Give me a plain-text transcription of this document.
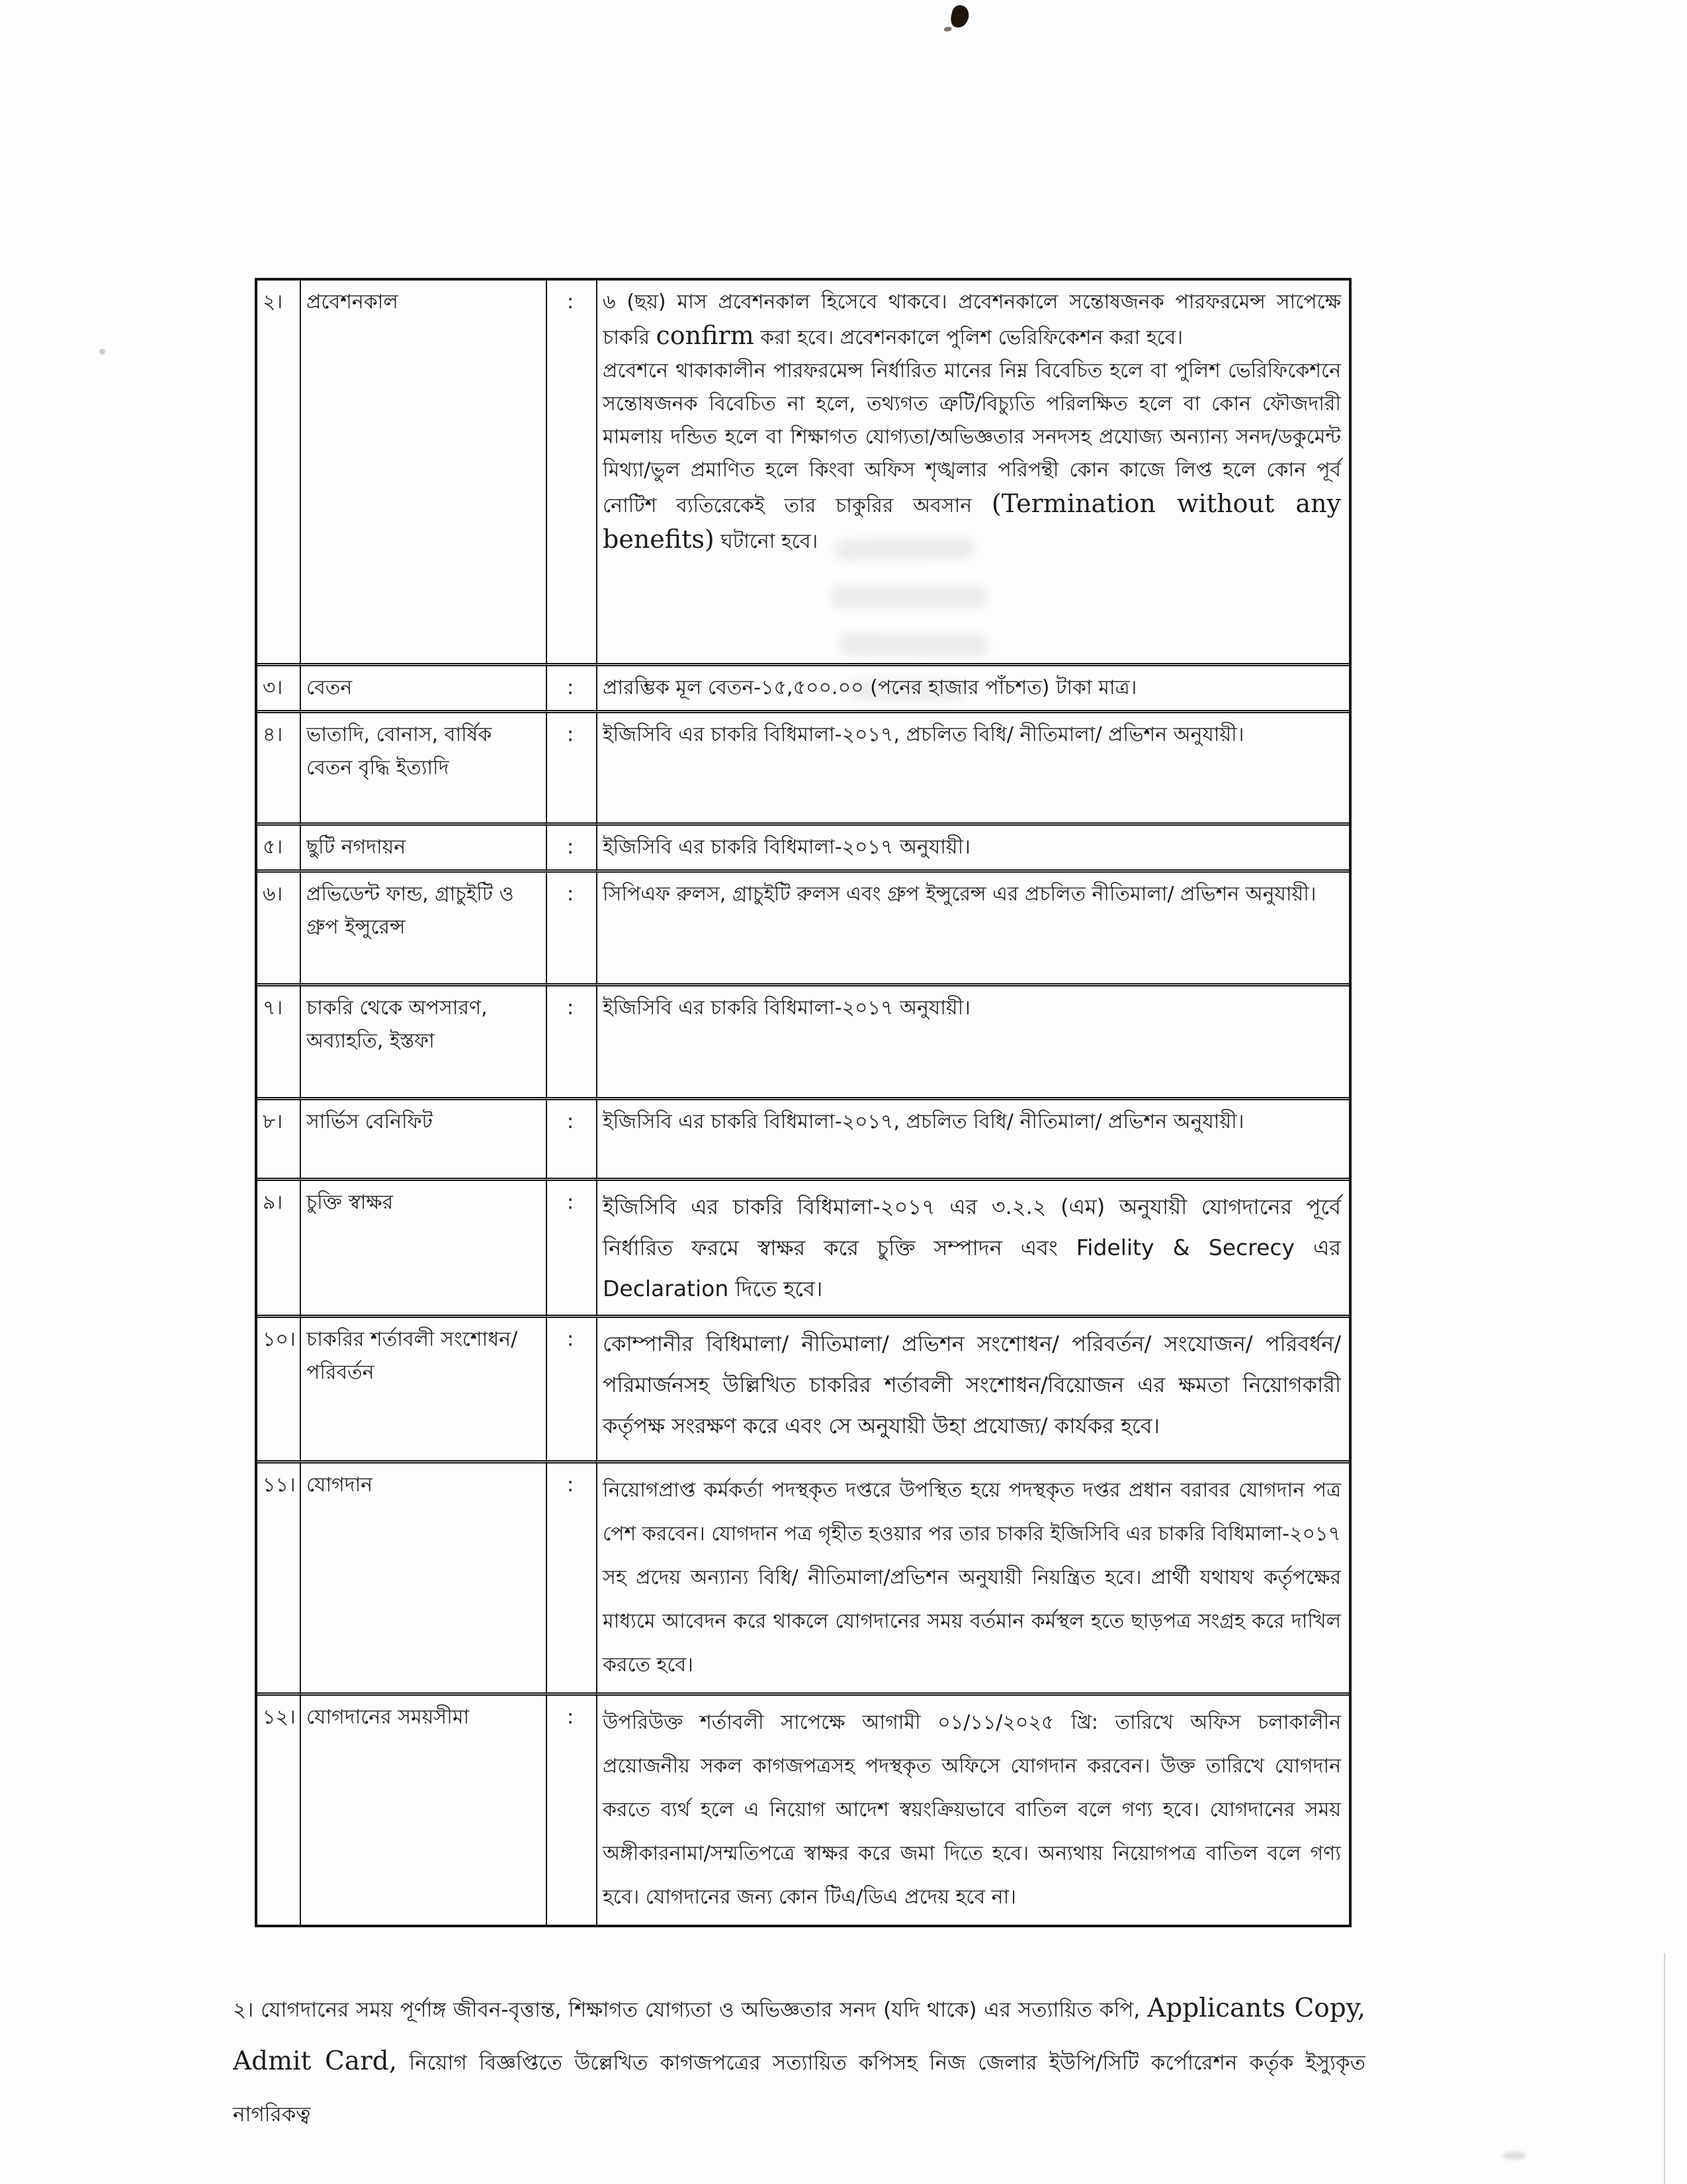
২।	প্রবেশনকাল	:	৬ (ছয়) মাস প্রবেশনকাল হিসেবে থাকবে। প্রবেশনকালে সন্তোষজনক পারফরমেন্স সাপেক্ষে চাকরি confirm করা হবে। প্রবেশনকালে পুলিশ ভেরিফিকেশন করা হবে।

প্রবেশনে থাকাকালীন পারফরমেন্স নির্ধারিত মানের নিম্ন বিবেচিত হলে বা পুলিশ ভেরিফিকেশনে সন্তোষজনক বিবেচিত না হলে, তথ্যগত ত্রুটি/বিচ্যুতি পরিলক্ষিত হলে বা কোন ফৌজদারী মামলায় দন্ডিত হলে বা শিক্ষাগত যোগ্যতা/অভিজ্ঞতার সনদসহ প্রযোজ্য অন্যান্য সনদ/ডকুমেন্ট মিথ্যা/ভুল প্রমাণিত হলে কিংবা অফিস শৃঙ্খলার পরিপন্থী কোন কাজে লিপ্ত হলে কোন পূর্ব নোটিশ ব্যতিরেকেই তার চাকুরির অবসান (Termination without any benefits) ঘটানো হবে।

৩।	বেতন	:	প্রারম্ভিক মূল বেতন-১৫,৫০০.০০ (পনের হাজার পাঁচশত) টাকা মাত্র।

৪।	ভাতাদি, বোনাস, বার্ষিক বেতন বৃদ্ধি ইত্যাদি	:	ইজিসিবি এর চাকরি বিধিমালা-২০১৭, প্রচলিত বিধি/ নীতিমালা/ প্রভিশন অনুযায়ী।

৫।	ছুটি নগদায়ন	:	ইজিসিবি এর চাকরি বিধিমালা-২০১৭ অনুযায়ী।

৬।	প্রভিডেন্ট ফান্ড, গ্রাচুইটি ও গ্রুপ ইন্সুরেন্স	:	সিপিএফ রুলস, গ্রাচুইটি রুলস এবং গ্রুপ ইন্সুরেন্স এর প্রচলিত নীতিমালা/ প্রভিশন অনুযায়ী।

৭।	চাকরি থেকে অপসারণ, অব্যাহতি, ইস্তফা	:	ইজিসিবি এর চাকরি বিধিমালা-২০১৭ অনুযায়ী।

৮।	সার্ভিস বেনিফিট	:	ইজিসিবি এর চাকরি বিধিমালা-২০১৭, প্রচলিত বিধি/ নীতিমালা/ প্রভিশন অনুযায়ী।

৯।	চুক্তি স্বাক্ষর	:	ইজিসিবি এর চাকরি বিধিমালা-২০১৭ এর ৩.২.২ (এম) অনুযায়ী যোগদানের পূর্বে নির্ধারিত ফরমে স্বাক্ষর করে চুক্তি সম্পাদন এবং Fidelity & Secrecy এর Declaration দিতে হবে।

১০।	চাকরির শর্তাবলী সংশোধন/ পরিবর্তন	:	কোম্পানীর বিধিমালা/ নীতিমালা/ প্রভিশন সংশোধন/ পরিবর্তন/ সংযোজন/ পরিবর্ধন/ পরিমার্জনসহ উল্লিখিত চাকরির শর্তাবলী সংশোধন/বিয়োজন এর ক্ষমতা নিয়োগকারী কর্তৃপক্ষ সংরক্ষণ করে এবং সে অনুযায়ী উহা প্রযোজ্য/ কার্যকর হবে।

১১।	যোগদান	:	নিয়োগপ্রাপ্ত কর্মকর্তা পদস্থকৃত দপ্তরে উপস্থিত হয়ে পদস্থকৃত দপ্তর প্রধান বরাবর যোগদান পত্র পেশ করবেন। যোগদান পত্র গৃহীত হওয়ার পর তার চাকরি ইজিসিবি এর চাকরি বিধিমালা-২০১৭ সহ প্রদেয় অন্যান্য বিধি/ নীতিমালা/প্রভিশন অনুযায়ী নিয়ন্ত্রিত হবে। প্রার্থী যথাযথ কর্তৃপক্ষের মাধ্যমে আবেদন করে থাকলে যোগদানের সময় বর্তমান কর্মস্থল হতে ছাড়পত্র সংগ্রহ করে দাখিল করতে হবে।

১২।	যোগদানের সময়সীমা	:	উপরিউক্ত শর্তাবলী সাপেক্ষে আগামী ০১/১১/২০২৫ খ্রি: তারিখে অফিস চলাকালীন প্রয়োজনীয় সকল কাগজপত্রসহ পদস্থকৃত অফিসে যোগদান করবেন। উক্ত তারিখে যোগদান করতে ব্যর্থ হলে এ নিয়োগ আদেশ স্বয়ংক্রিয়ভাবে বাতিল বলে গণ্য হবে। যোগদানের সময় অঙ্গীকারনামা/সম্মতিপত্রে স্বাক্ষর করে জমা দিতে হবে। অন্যথায় নিয়োগপত্র বাতিল বলে গণ্য হবে। যোগদানের জন্য কোন টিএ/ডিএ প্রদেয় হবে না।

২। যোগদানের সময় পূর্ণাঙ্গ জীবন-বৃত্তান্ত, শিক্ষাগত যোগ্যতা ও অভিজ্ঞতার সনদ (যদি থাকে) এর সত্যায়িত কপি, Applicants Copy, Admit Card, নিয়োগ বিজ্ঞপ্তিতে উল্লেখিত কাগজপত্রের সত্যায়িত কপিসহ নিজ জেলার ইউপি/সিটি কর্পোরেশন কর্তৃক ইস্যুকৃত নাগরিকত্ব
